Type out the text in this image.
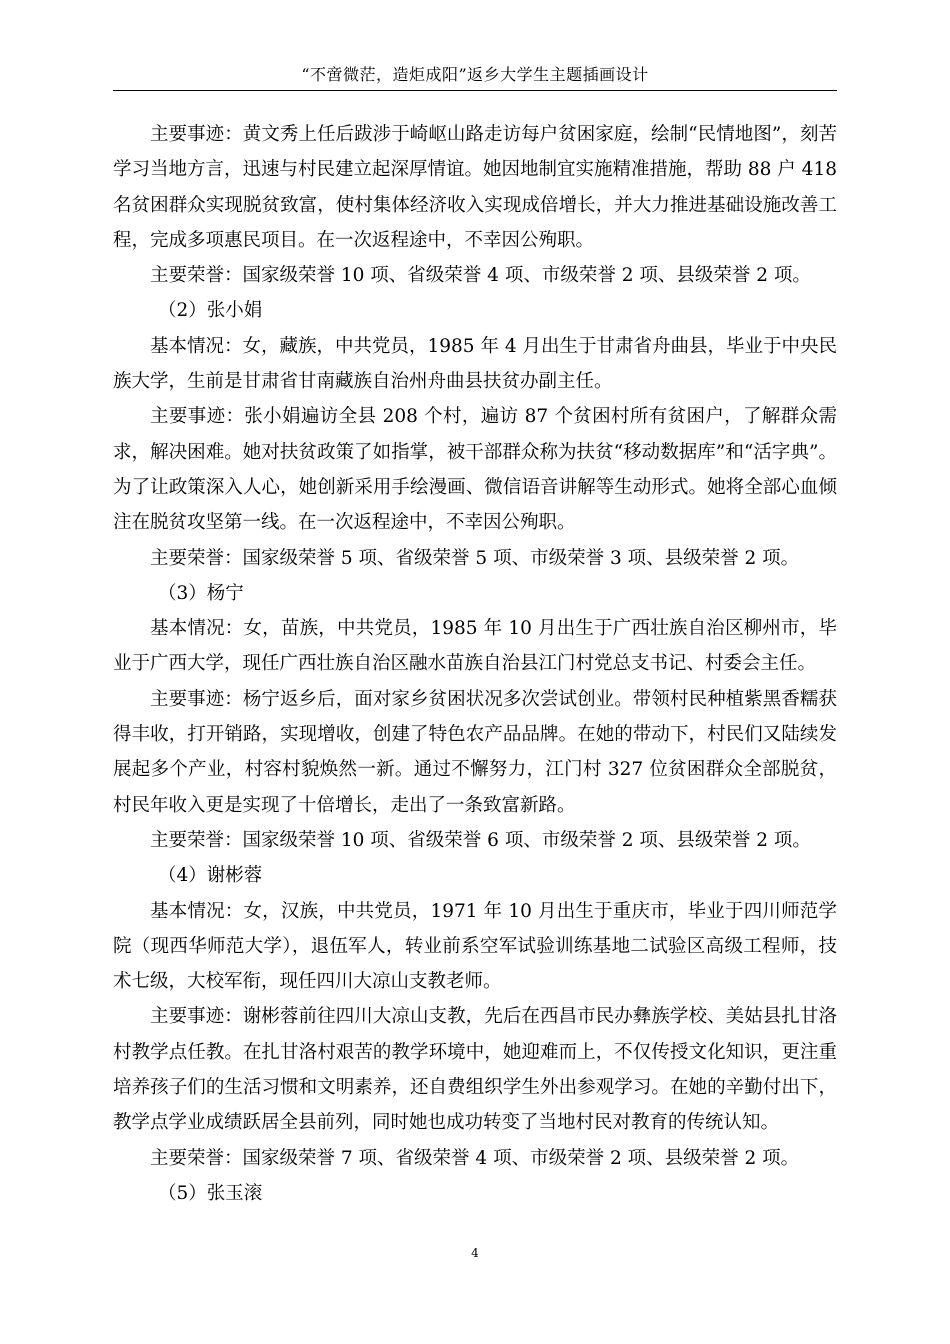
“不啻微茫，造炬成阳”返乡大学生主题插画设计

主要事迹：黄文秀上任后跋涉于崎岖山路走访每户贫困家庭，绘制“民情地图”，刻苦学习当地方言，迅速与村民建立起深厚情谊。她因地制宜实施精准措施，帮助 88 户 418 名贫困群众实现脱贫致富，使村集体经济收入实现成倍增长，并大力推进基础设施改善工程，完成多项惠民项目。在一次返程途中，不幸因公殉职。

主要荣誉：国家级荣誉 10 项、省级荣誉 4 项、市级荣誉 2 项、县级荣誉 2 项。

（2）张小娟

基本情况：女，藏族，中共党员，1985 年 4 月出生于甘肃省舟曲县，毕业于中央民族大学，生前是甘肃省甘南藏族自治州舟曲县扶贫办副主任。

主要事迹：张小娟遍访全县 208 个村，遍访 87 个贫困村所有贫困户，了解群众需求，解决困难。她对扶贫政策了如指掌，被干部群众称为扶贫“移动数据库”和“活字典”。为了让政策深入人心，她创新采用手绘漫画、微信语音讲解等生动形式。她将全部心血倾注在脱贫攻坚第一线。在一次返程途中，不幸因公殉职。

主要荣誉：国家级荣誉 5 项、省级荣誉 5 项、市级荣誉 3 项、县级荣誉 2 项。

（3）杨宁

基本情况：女，苗族，中共党员，1985 年 10 月出生于广西壮族自治区柳州市，毕业于广西大学，现任广西壮族自治区融水苗族自治县江门村党总支书记、村委会主任。

主要事迹：杨宁返乡后，面对家乡贫困状况多次尝试创业。带领村民种植紫黑香糯获得丰收，打开销路，实现增收，创建了特色农产品品牌。在她的带动下，村民们又陆续发展起多个产业，村容村貌焕然一新。通过不懈努力，江门村 327 位贫困群众全部脱贫，村民年收入更是实现了十倍增长，走出了一条致富新路。

主要荣誉：国家级荣誉 10 项、省级荣誉 6 项、市级荣誉 2 项、县级荣誉 2 项。

（4）谢彬蓉

基本情况：女，汉族，中共党员，1971 年 10 月出生于重庆市，毕业于四川师范学院（现西华师范大学），退伍军人，转业前系空军试验训练基地二试验区高级工程师，技术七级，大校军衔，现任四川大凉山支教老师。

主要事迹：谢彬蓉前往四川大凉山支教，先后在西昌市民办彝族学校、美姑县扎甘洛村教学点任教。在扎甘洛村艰苦的教学环境中，她迎难而上，不仅传授文化知识，更注重培养孩子们的生活习惯和文明素养，还自费组织学生外出参观学习。在她的辛勤付出下，教学点学业成绩跃居全县前列，同时她也成功转变了当地村民对教育的传统认知。

主要荣誉：国家级荣誉 7 项、省级荣誉 4 项、市级荣誉 2 项、县级荣誉 2 项。

（5）张玉滚

4
